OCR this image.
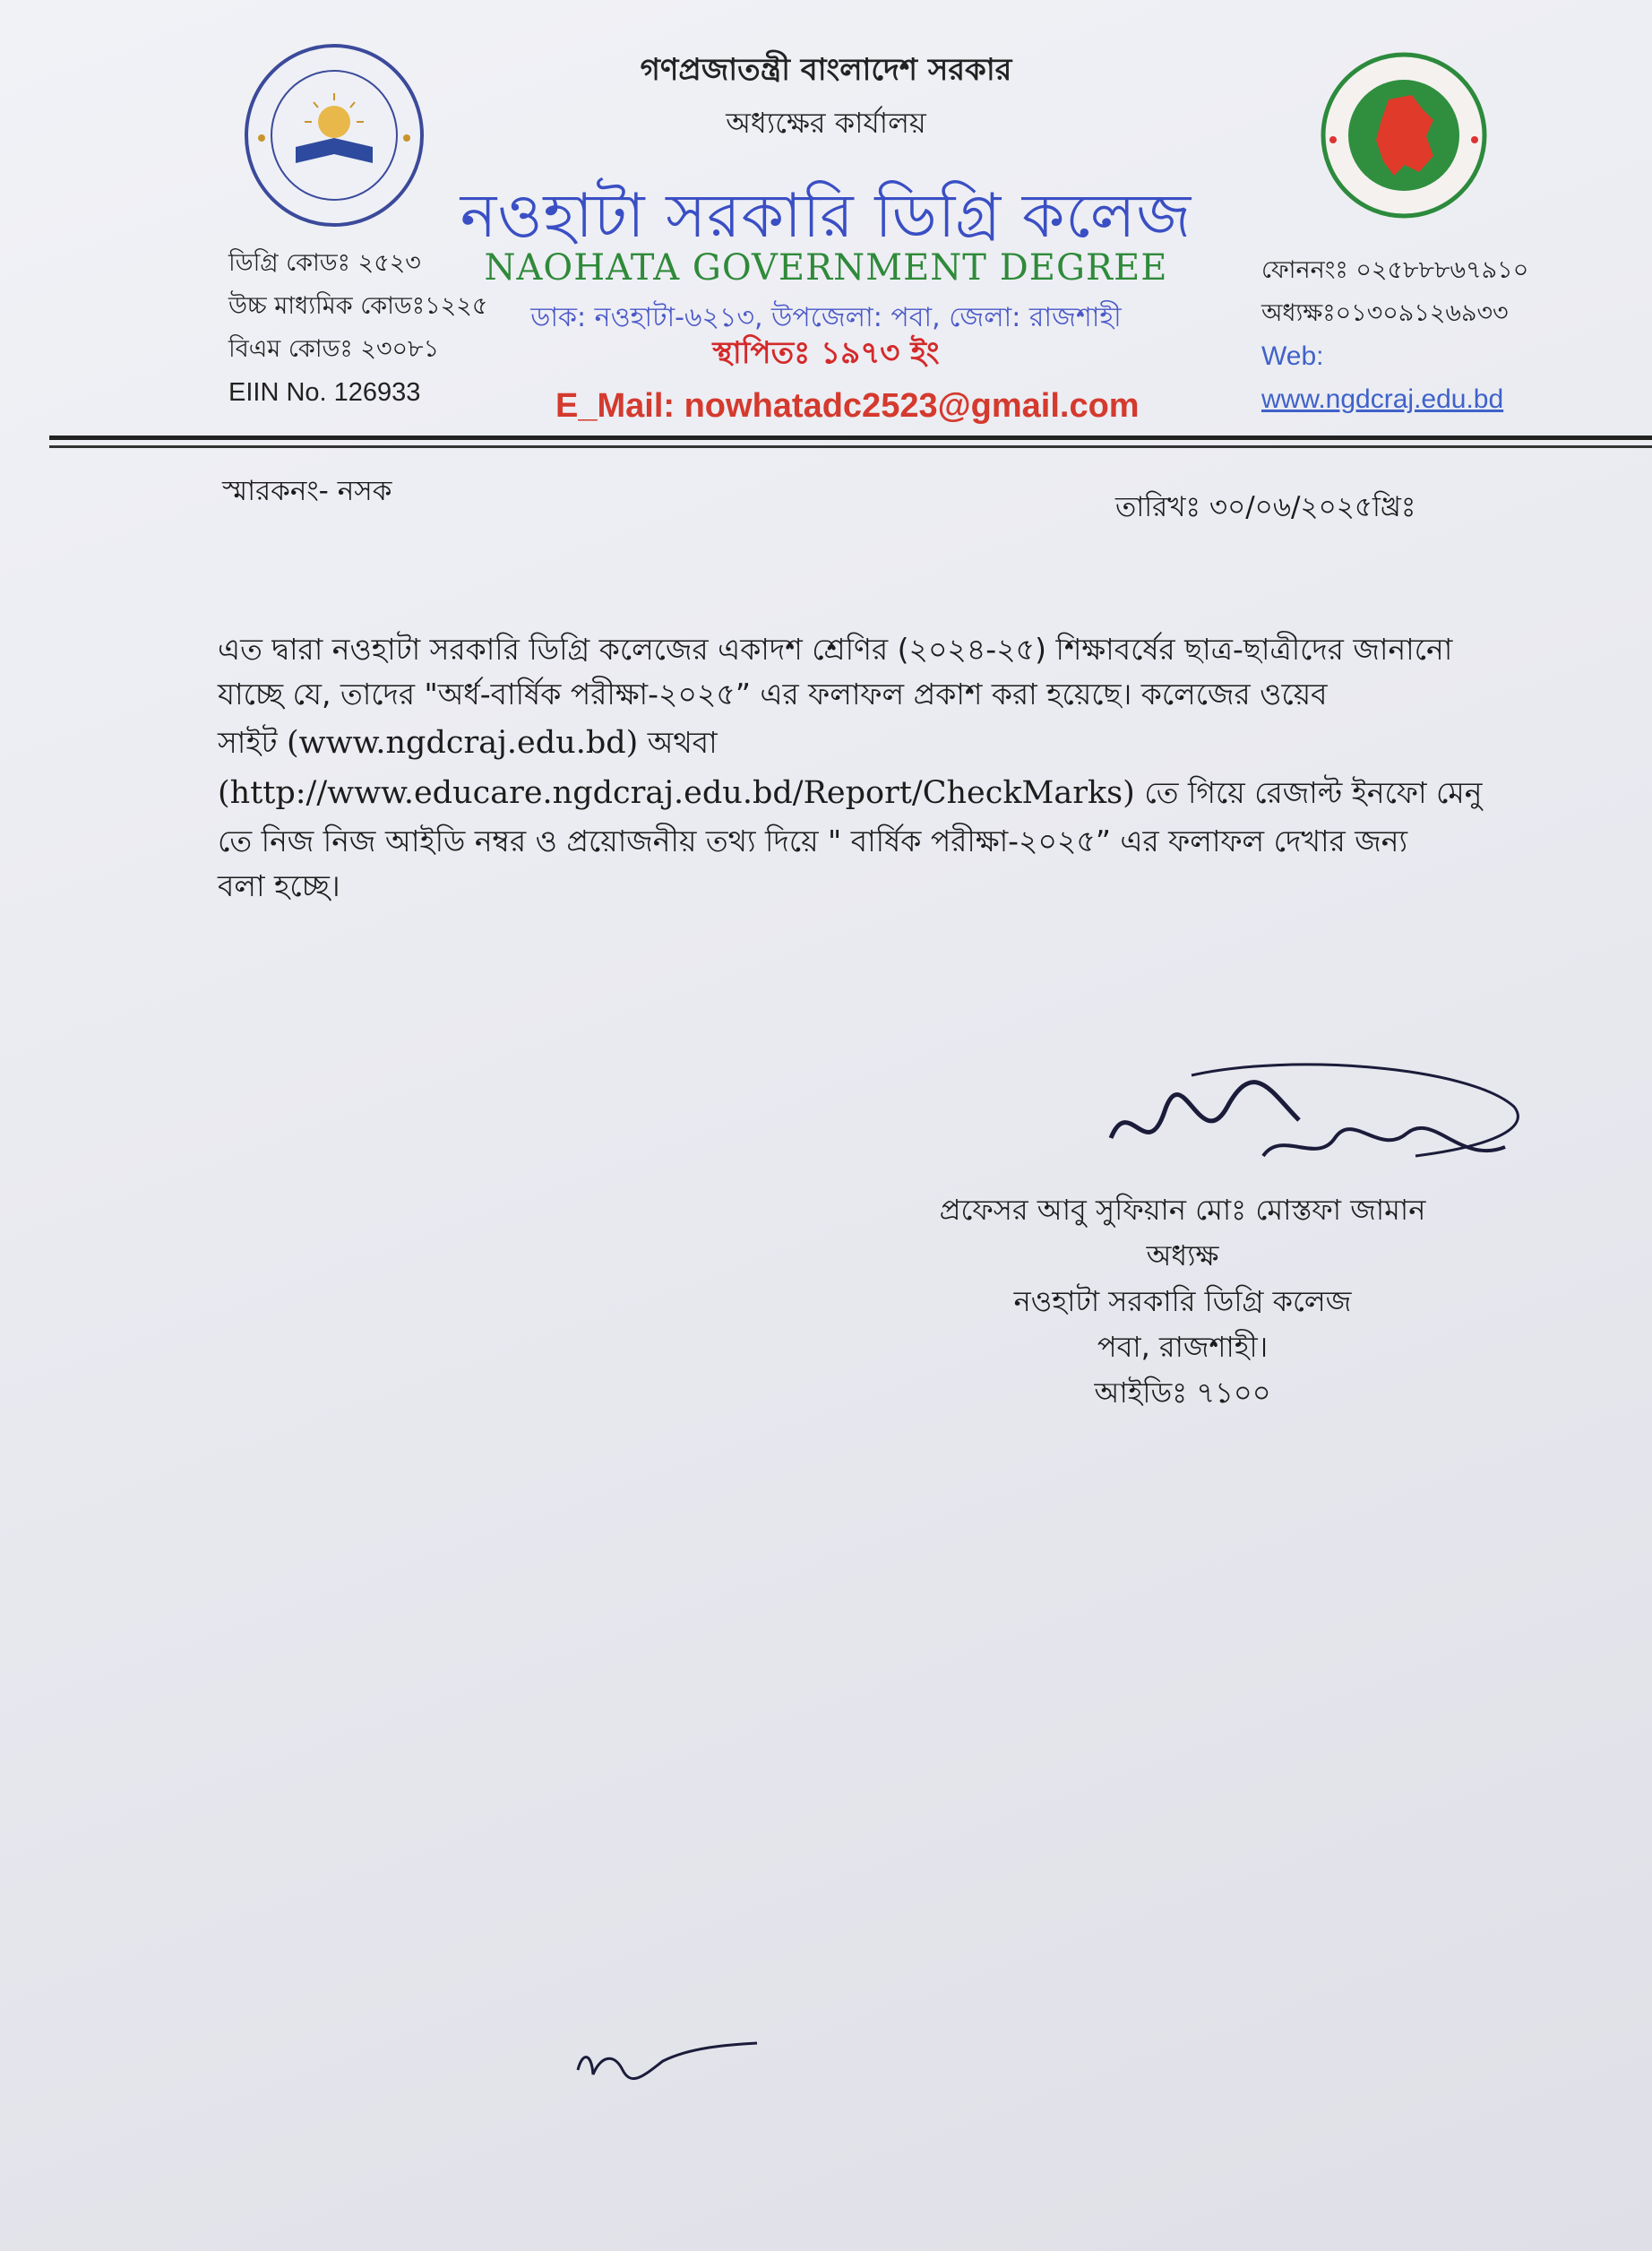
গণপ্রজাতন্ত্রী বাংলাদেশ সরকার
অধ্যক্ষের কার্যালয়
নওহাটা সরকারি ডিগ্রি কলেজ
NAOHATA GOVERNMENT DEGREE
ডাক: নওহাটা-৬২১৩, উপজেলা: পবা, জেলা: রাজশাহী
স্থাপিতঃ ১৯৭৩ ইং
E_Mail: nowhatadc2523@gmail.com
ডিগ্রি কোডঃ ২৫২৩
উচ্চ মাধ্যমিক কোডঃ১২২৫
বিএম কোডঃ ২৩০৮১
EIIN No. 126933
ফোননংঃ ০২৫৮৮৮৬৭৯১০
অধ্যক্ষঃ০১৩০৯১২৬৯৩৩
Web:
www.ngdcraj.edu.bd
স্মারকনং- নসক	তারিখঃ ৩০/০৬/২০২৫খ্রিঃ
এত দ্বারা নওহাটা সরকারি ডিগ্রি কলেজের একাদশ শ্রেণির (২০২৪-২৫) শিক্ষাবর্ষের ছাত্র-ছাত্রীদের জানানো
যাচ্ছে যে, তাদের "অর্ধ-বার্ষিক পরীক্ষা-২০২৫” এর ফলাফল প্রকাশ করা হয়েছে। কলেজের ওয়েব
সাইট (www.ngdcraj.edu.bd) অথবা
(http://www.educare.ngdcraj.edu.bd/Report/CheckMarks) তে গিয়ে রেজাল্ট ইনফো মেনু
তে নিজ নিজ আইডি নম্বর ও প্রয়োজনীয় তথ্য দিয়ে " বার্ষিক পরীক্ষা-২০২৫” এর ফলাফল দেখার জন্য
বলা হচ্ছে।
৩০/০৬/২০২৫
প্রফেসর আবু সুফিয়ান মোঃ মোস্তফা জামান
অধ্যক্ষ
নওহাটা সরকারি ডিগ্রি কলেজ
পবা, রাজশাহী।
আইডিঃ ৭১০০
